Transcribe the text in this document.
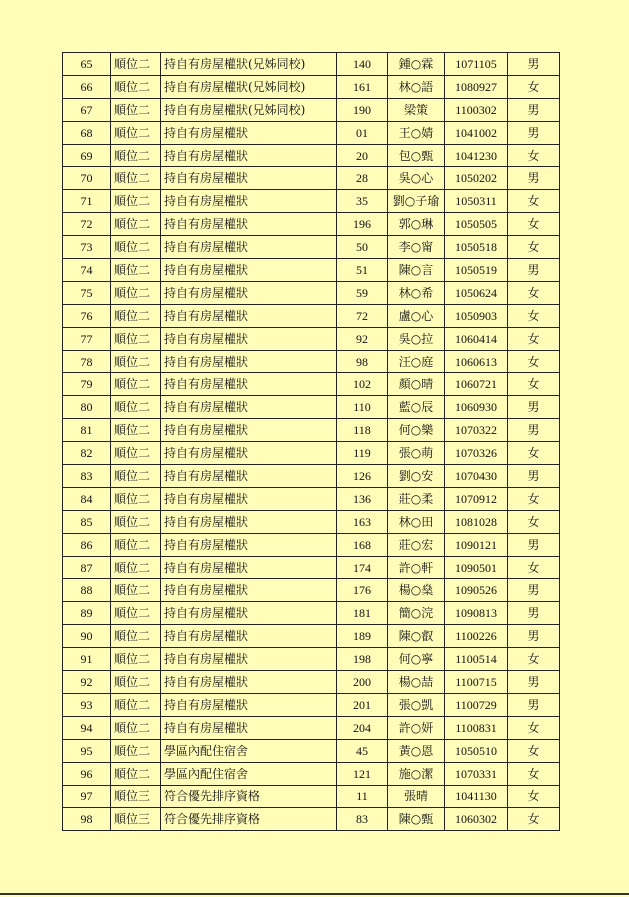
65	順位二	持自有房屋權狀(兄姊同校)	140	鍾○霖	1071105	男
66	順位二	持自有房屋權狀(兄姊同校)	161	林○語	1080927	女
67	順位二	持自有房屋權狀(兄姊同校)	190	梁策	1100302	男
68	順位二	持自有房屋權狀	01	王○婧	1041002	男
69	順位二	持自有房屋權狀	20	包○甄	1041230	女
70	順位二	持自有房屋權狀	28	吳○心	1050202	男
71	順位二	持自有房屋權狀	35	劉○子瑜	1050311	女
72	順位二	持自有房屋權狀	196	郭○琳	1050505	女
73	順位二	持自有房屋權狀	50	李○甯	1050518	女
74	順位二	持自有房屋權狀	51	陳○言	1050519	男
75	順位二	持自有房屋權狀	59	林○希	1050624	女
76	順位二	持自有房屋權狀	72	盧○心	1050903	女
77	順位二	持自有房屋權狀	92	吳○拉	1060414	女
78	順位二	持自有房屋權狀	98	汪○庭	1060613	女
79	順位二	持自有房屋權狀	102	顏○晴	1060721	女
80	順位二	持自有房屋權狀	110	藍○辰	1060930	男
81	順位二	持自有房屋權狀	118	何○樂	1070322	男
82	順位二	持自有房屋權狀	119	張○萌	1070326	女
83	順位二	持自有房屋權狀	126	劉○安	1070430	男
84	順位二	持自有房屋權狀	136	莊○柔	1070912	女
85	順位二	持自有房屋權狀	163	林○田	1081028	女
86	順位二	持自有房屋權狀	168	莊○宏	1090121	男
87	順位二	持自有房屋權狀	174	許○軒	1090501	女
88	順位二	持自有房屋權狀	176	楊○燊	1090526	男
89	順位二	持自有房屋權狀	181	簡○浣	1090813	男
90	順位二	持自有房屋權狀	189	陳○叡	1100226	男
91	順位二	持自有房屋權狀	198	何○寧	1100514	女
92	順位二	持自有房屋權狀	200	楊○喆	1100715	男
93	順位二	持自有房屋權狀	201	張○凱	1100729	男
94	順位二	持自有房屋權狀	204	許○妍	1100831	女
95	順位二	學區內配住宿舍	45	黃○恩	1050510	女
96	順位二	學區內配住宿舍	121	施○潔	1070331	女
97	順位三	符合優先排序資格	11	張晴	1041130	女
98	順位三	符合優先排序資格	83	陳○甄	1060302	女
